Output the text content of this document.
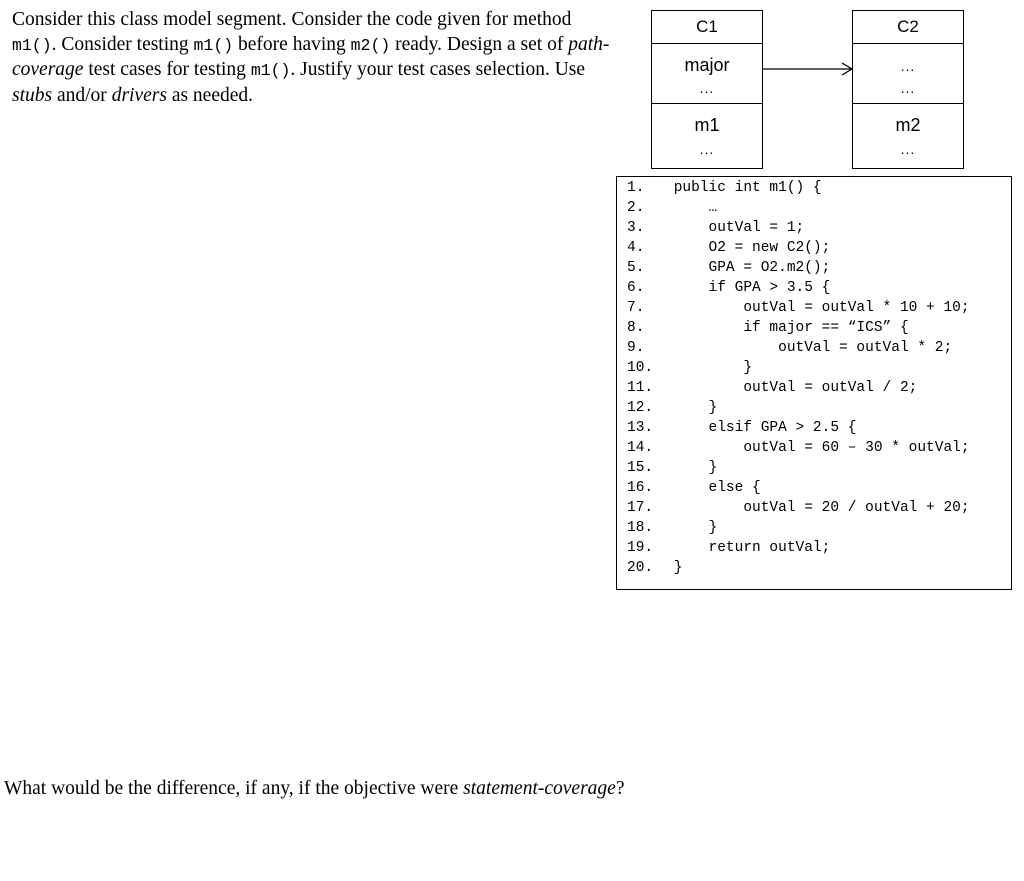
Consider this class model segment. Consider the code given for method m1(). Consider testing m1() before having m2() ready. Design a set of path-coverage test cases for testing m1(). Justify your test cases selection. Use stubs and/or drivers as needed.

C1
major
...
m1
...
C2
...
...
m2
...
1. public int m1() {
2.     …
3.     outVal = 1;
4.     O2 = new C2();
5.     GPA = O2.m2();
6.     if GPA > 3.5 {
7.         outVal = outVal * 10 + 10;
8.         if major == “ICS” {
9.             outVal = outVal * 2;
10.         }
11.         outVal = outVal / 2;
12.     }
13.     elsif GPA > 2.5 {
14.         outVal = 60 – 30 * outVal;
15.     }
16.     else {
17.         outVal = 20 / outVal + 20;
18.     }
19.     return outVal;
20. }

What would be the difference, if any, if the objective were statement-coverage?
